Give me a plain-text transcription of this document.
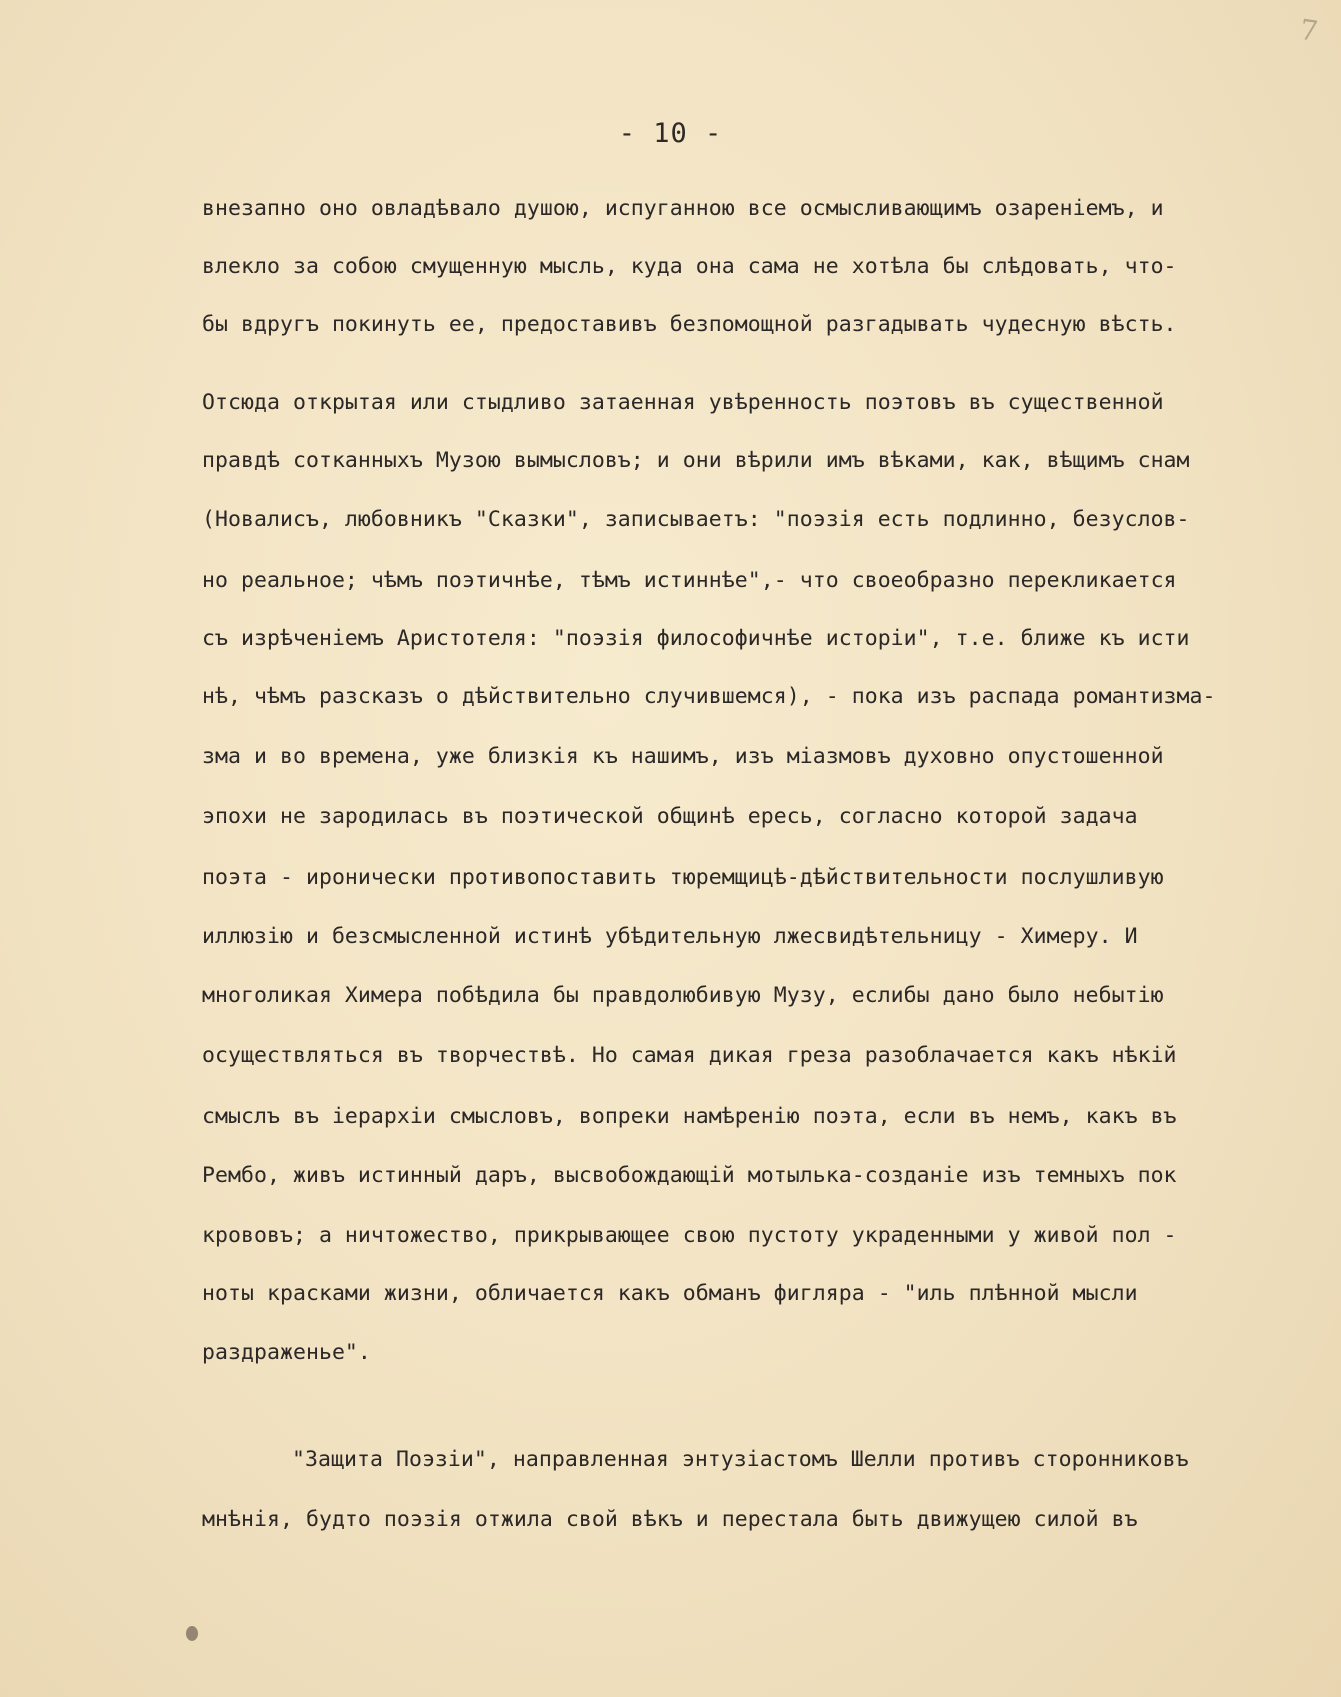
7
- 10 -
внезапно оно овладѣвало душою, испуганною все осмысливающимъ озареніемъ, и
влекло за собою смущенную мысль, куда она сама не хотѣла бы слѣдовать, что-
бы вдругъ покинуть ее, предоставивъ безпомощной разгадывать чудесную вѣсть.
Отсюда открытая или стыдливо затаенная увѣренность поэтовъ въ существенной
правдѣ сотканныхъ Музою вымысловъ; и они вѣрили имъ вѣками, как, вѣщимъ снам
(Новалисъ, любовникъ "Сказки", записываетъ: "поэзія есть подлинно, безуслов-
но реальное; чѣмъ поэтичнѣе, тѣмъ истиннѣе",- что своеобразно перекликается
съ изрѣченіемъ Аристотеля: "поэзія философичнѣе исторіи", т.е. ближе къ исти
нѣ, чѣмъ разсказъ о дѣйствительно случившемся), - пока изъ распада романтизма-
зма и во времена, уже близкія къ нашимъ, изъ міазмовъ духовно опустошенной
эпохи не зародилась въ поэтической общинѣ ересь, согласно которой задача
поэта - иронически противопоставить тюремщицѣ-дѣйствительности послушливую
иллюзію и безсмысленной истинѣ убѣдительную лжесвидѣтельницу - Химеру. И
многоликая Химера побѣдила бы правдолюбивую Музу, еслибы дано было небытію
осуществляться въ творчествѣ. Но самая дикая греза разоблачается какъ нѣкій
смыслъ въ іерархіи смысловъ, вопреки намѣренію поэта, если въ немъ, какъ въ
Рембо, живъ истинный даръ, высвобождающій мотылька-созданіе изъ темныхъ пок
крововъ; а ничтожество, прикрывающее свою пустоту украденными у живой пол -
ноты красками жизни, обличается какъ обманъ фигляра - "иль плѣнной мысли
раздраженье".
"Защита Поэзіи", направленная энтузіастомъ Шелли противъ сторонниковъ
мнѣнія, будто поэзія отжила свой вѣкъ и перестала быть движущею силой въ
